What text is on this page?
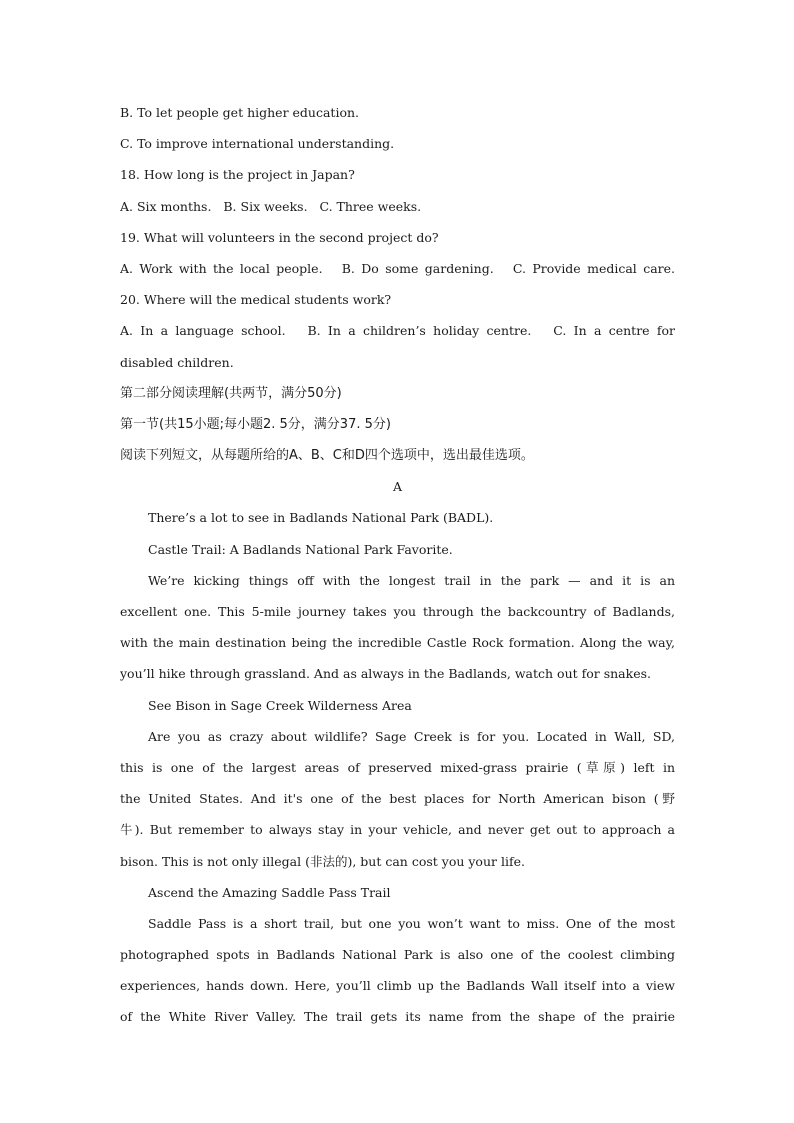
B. To let people get higher education.
C. To improve international understanding.
18. How long is the project in Japan?
A. Six months.   B. Six weeks.   C. Three weeks.
19. What will volunteers in the second project do?
A. Work with the local people.   B. Do some gardening.   C. Provide medical care.
20. Where will the medical students work?
A. In a language school.   B. In a children’s holiday centre.   C. In a centre for
disabled children.
第二部分阅读理解(共两节，满分50分)
第一节(共15小题;每小题2. 5分，满分37. 5分)
阅读下列短文，从每题所给的A、B、C和D四个选项中，选出最佳选项。
A
There’s a lot to see in Badlands National Park (BADL).
Castle Trail: A Badlands National Park Favorite.
We’re kicking things off with the longest trail in the park — and it is an
excellent one. This 5-mile journey takes you through the backcountry of Badlands,
with the main destination being the incredible Castle Rock formation. Along the way,
you’ll hike through grassland. And as always in the Badlands, watch out for snakes.
See Bison in Sage Creek Wilderness Area
Are you as crazy about wildlife? Sage Creek is for you. Located in Wall, SD,
this is one of the largest areas of preserved mixed-grass prairie (草原) left in
the United States. And it's one of the best places for North American bison (野
牛). But remember to always stay in your vehicle, and never get out to approach a
bison. This is not only illegal (非法的), but can cost you your life.
Ascend the Amazing Saddle Pass Trail
Saddle Pass is a short trail, but one you won’t want to miss. One of the most
photographed spots in Badlands National Park is also one of the coolest climbing
experiences, hands down. Here, you’ll climb up the Badlands Wall itself into a view
of the White River Valley. The trail gets its name from the shape of the prairie
